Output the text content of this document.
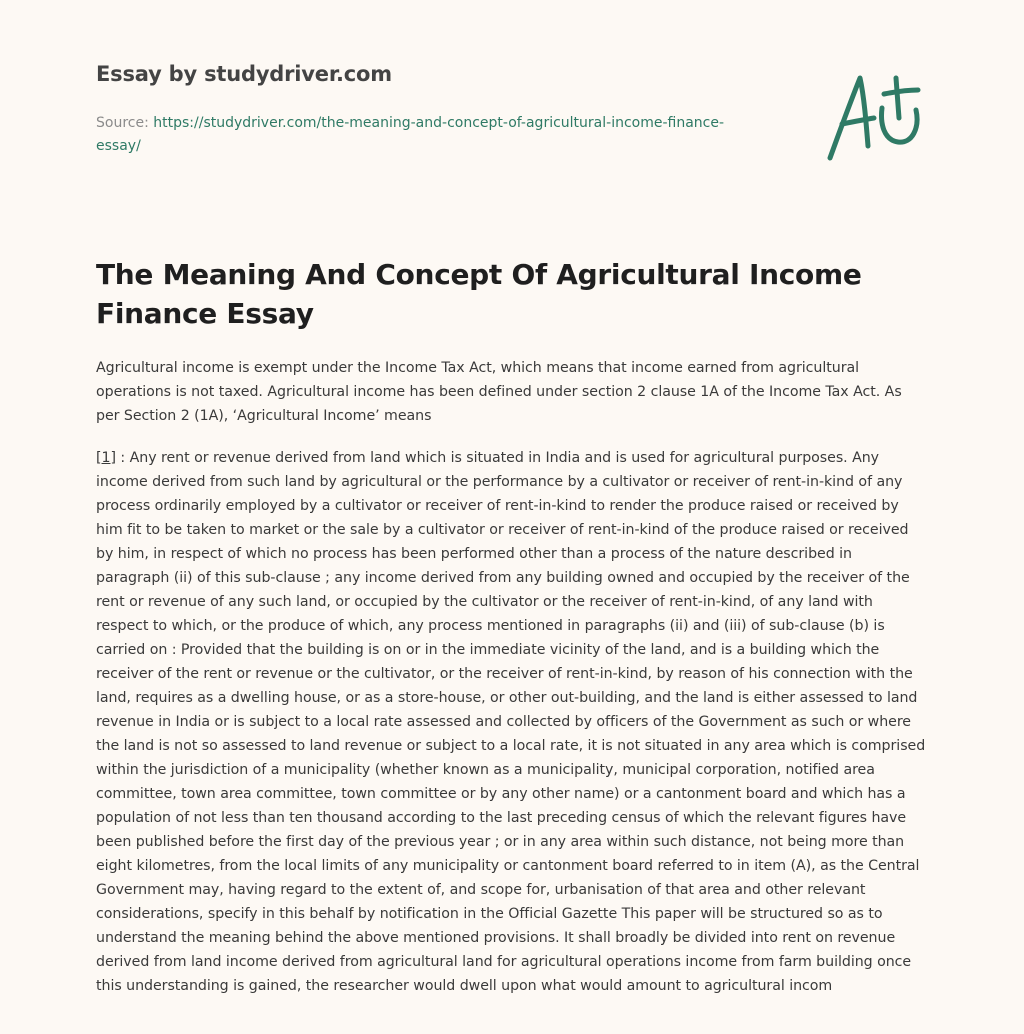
Essay by studydriver.com
Source: https://studydriver.com/the-meaning-and-concept-of-agricultural-income-finance-essay/
The Meaning And Concept Of Agricultural Income Finance Essay

Agricultural income is exempt under the Income Tax Act, which means that income earned from agricultural operations is not taxed. Agricultural income has been defined under section 2 clause 1A of the Income Tax Act. As per Section 2 (1A), ‘Agricultural Income’ means

[1] : Any rent or revenue derived from land which is situated in India and is used for agricultural purposes. Any income derived from such land by agricultural or the performance by a cultivator or receiver of rent-in-kind of any process ordinarily employed by a cultivator or receiver of rent-in-kind to render the produce raised or received by him fit to be taken to market or the sale by a cultivator or receiver of rent-in-kind of the produce raised or received by him, in respect of which no process has been performed other than a process of the nature described in paragraph (ii) of this sub-clause ; any income derived from any building owned and occupied by the receiver of the rent or revenue of any such land, or occupied by the cultivator or the receiver of rent-in-kind, of any land with respect to which, or the produce of which, any process mentioned in paragraphs (ii) and (iii) of sub-clause (b) is carried on : Provided that the building is on or in the immediate vicinity of the land, and is a building which the receiver of the rent or revenue or the cultivator, or the receiver of rent-in-kind, by reason of his connection with the land, requires as a dwelling house, or as a store-house, or other out-building, and the land is either assessed to land revenue in India or is subject to a local rate assessed and collected by officers of the Government as such or where the land is not so assessed to land revenue or subject to a local rate, it is not situated in any area which is comprised within the jurisdiction of a municipality (whether known as a municipality, municipal corporation, notified area committee, town area committee, town committee or by any other name) or a cantonment board and which has a population of not less than ten thousand according to the last preceding census of which the relevant figures have been published before the first day of the previous year ; or in any area within such distance, not being more than eight kilometres, from the local limits of any municipality or cantonment board referred to in item (A), as the Central Government may, having regard to the extent of, and scope for, urbanisation of that area and other relevant considerations, specify in this behalf by notification in the Official Gazette This paper will be structured so as to understand the meaning behind the above mentioned provisions. It shall broadly be divided into rent on revenue derived from land income derived from agricultural land for agricultural operations income from farm building once this understanding is gained, the researcher would dwell upon what would amount to agricultural incom
